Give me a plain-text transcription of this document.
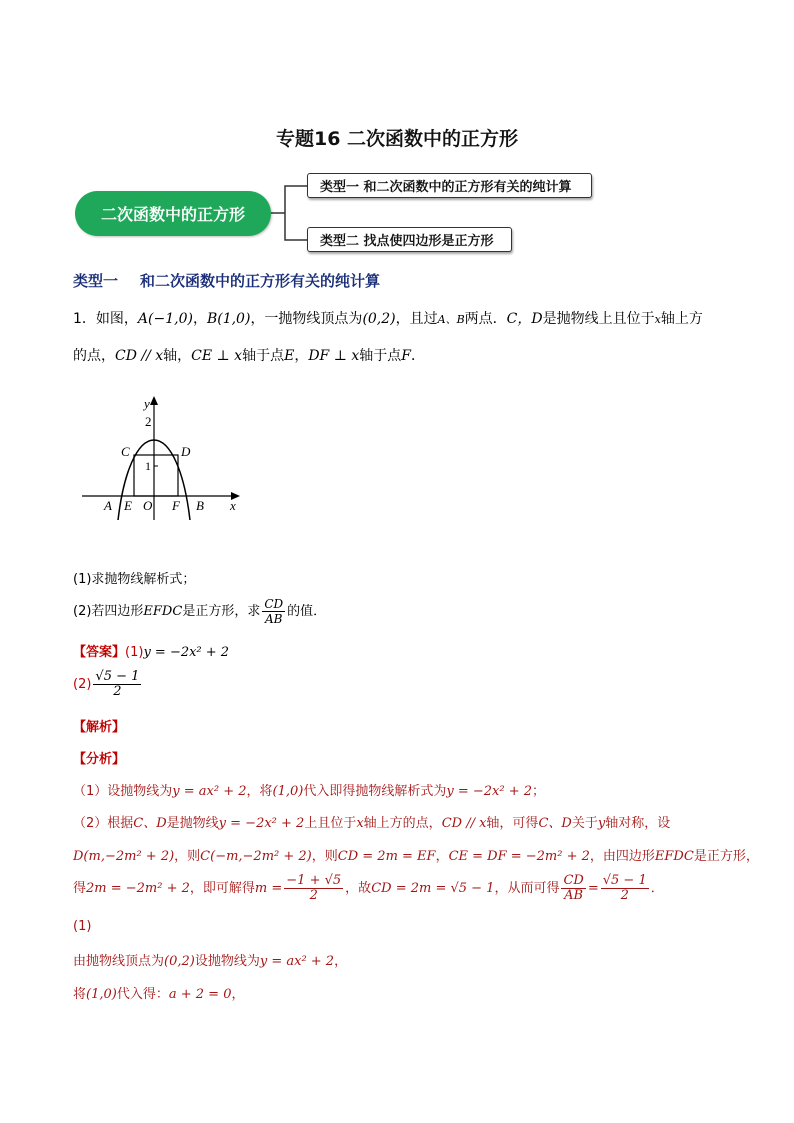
专题16 二次函数中的正方形
二次函数中的正方形
类型一 和二次函数中的正方形有关的纯计算
类型二 找点使四边形是正方形
类型一 和二次函数中的正方形有关的纯计算
1．如图，A(−1,0)，B(1,0)，一抛物线顶点为(0,2)，且过A、B两点．C，D是抛物线上且位于x轴上方
的点，CD // x轴，CE ⊥ x轴于点E，DF ⊥ x轴于点F．
y
2
1
C	D
A E O F B x
(1)求抛物线解析式；
(2)若四边形EFDC是正方形，求 $\frac{CD}{AB}$ 的值．
【答案】(1)y = −2x² + 2
$(2) \frac{√5 - 1}{2}$
【解析】
【分析】
（1）设抛物线为y = ax² + 2，将(1,0)代入即得抛物线解析式为y = −2x² + 2；
（2）根据C、D是抛物线y = −2x² + 2上且位于x轴上方的点，CD // x轴，可得C、D关于y轴对称，设
D(m,−2m² + 2)，则C(−m,−2m² + 2)，则CD = 2m = EF，CE = DF = −2m² + 2，由四边形EFDC是正方形，
得2m = −2m² + 2，即可解得$m = \frac{-1 + √5}{2}$ ，故CD = 2m = √5 − 1，从而可得 $\frac{CD}{AB} = \frac{√5 - 1}{2}$ ．
(1)
由抛物线顶点为(0,2)设抛物线为y = ax² + 2，
将(1,0)代入得：a + 2 = 0，
